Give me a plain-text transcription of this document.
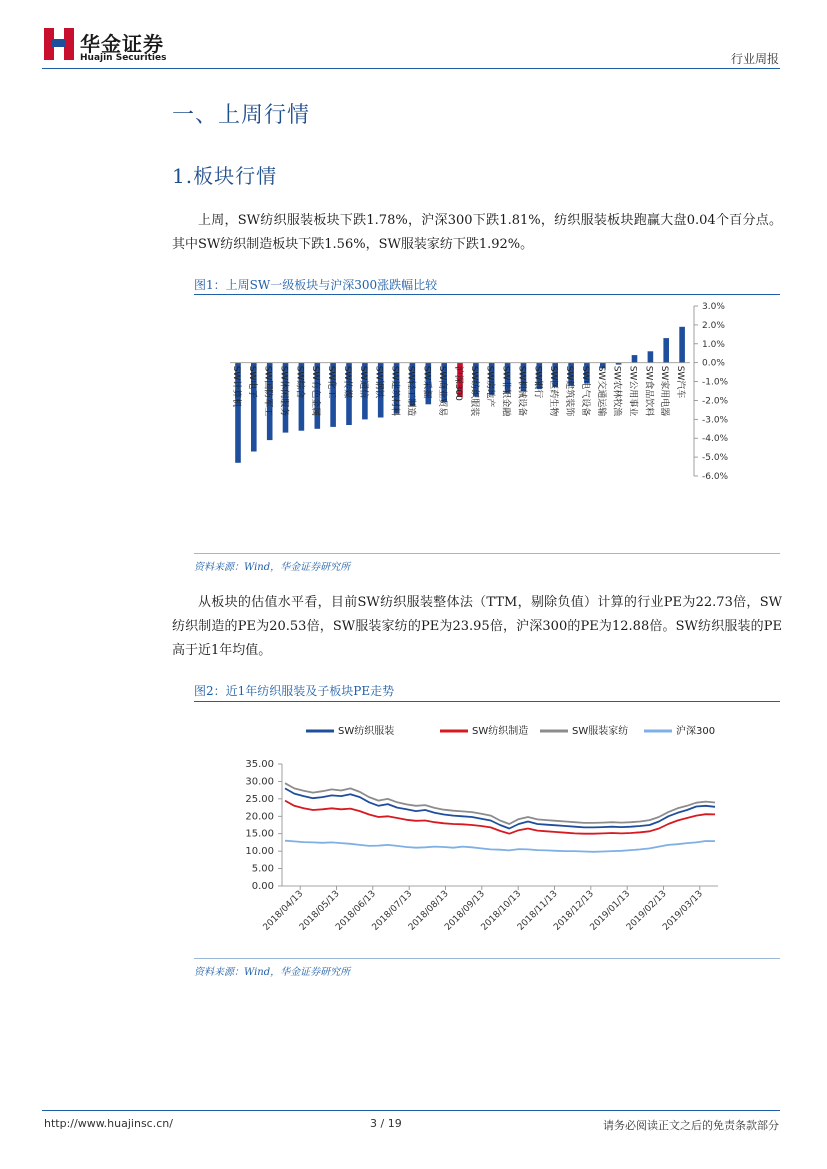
华金证券
Huajin Securities	行业周报
一、上周行情
1.板块行情
上周，SW纺织服装板块下跌1.78%，沪深300下跌1.81%，纺织服装板块跑赢大盘0.04个百分点。其中SW纺织制造板块下跌1.56%，SW服装家纺下跌1.92%。
图1：上周SW一级板块与沪深300涨跌幅比较
SW计算机 SW电子 SW国防军工 SW休闲服务 SW综合 SW有色金属 SW化工 SW传媒 SW通信 SW钢铁 SW建筑材料 SW轻工制造 SW采掘 SW商业贸易 沪深300 SW纺织服装 SW房地产 SW非银金融 SW机械设备 SW银行 SW医药生物 SW建筑装饰 SW电气设备 SW交通运输 SW农林牧渔 SW公用事业 SW食品饮料 SW家用电器 SW汽车
3.0%
2.0%
1.0%
0.0%
-1.0%
-2.0%
-3.0%
-4.0%
-5.0%
-6.0%
资料来源：Wind，华金证券研究所
从板块的估值水平看，目前SW纺织服装整体法（TTM，剔除负值）计算的行业PE为22.73倍，SW纺织制造的PE为20.53倍，SW服装家纺的PE为23.95倍，沪深300的PE为12.88倍。SW纺织服装的PE高于近1年均值。
图2：近1年纺织服装及子板块PE走势
SW纺织服装	SW纺织制造	SW服装家纺	沪深300
35.00
30.00
25.00
20.00
15.00
10.00
5.00
0.00
2018/04/13
2018/05/13
2018/06/13
2018/07/13
2018/08/13
2018/09/13
2018/10/13
2018/11/13
2018/12/13
2019/01/13
2019/02/13
2019/03/13
资料来源：Wind，华金证券研究所
http://www.huajinsc.cn/	3 / 19	请务必阅读正文之后的免责条款部分
